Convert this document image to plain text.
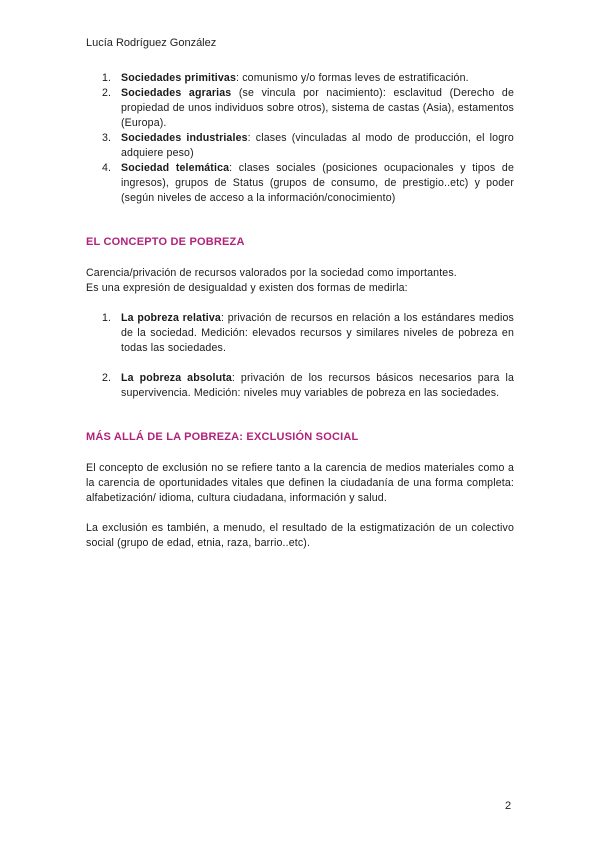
Lucía Rodríguez González
1. Sociedades primitivas: comunismo y/o formas leves de estratificación.
2. Sociedades agrarias (se vincula por nacimiento): esclavitud (Derecho de propiedad de unos individuos sobre otros), sistema de castas (Asia), estamentos (Europa).
3. Sociedades industriales: clases (vinculadas al modo de producción, el logro adquiere peso)
4. Sociedad telemática: clases sociales (posiciones ocupacionales y tipos de ingresos), grupos de Status (grupos de consumo, de prestigio..etc) y poder (según niveles de acceso a la información/conocimiento)
EL CONCEPTO DE POBREZA

Carencia/privación de recursos valorados por la sociedad como importantes.

Es una expresión de desigualdad y existen dos formas de medirla:

1. La pobreza relativa: privación de recursos en relación a los estándares medios de la sociedad. Medición: elevados recursos y similares niveles de pobreza en todas las sociedades.
2. La pobreza absoluta: privación de los recursos básicos necesarios para la supervivencia. Medición: niveles muy variables de pobreza en las sociedades.
MÁS ALLÁ DE LA POBREZA: EXCLUSIÓN SOCIAL

El concepto de exclusión no se refiere tanto a la carencia de medios materiales como a la carencia de oportunidades vitales que definen la ciudadanía de una forma completa: alfabetización/ idioma, cultura ciudadana, información y salud.

La exclusión es también, a menudo, el resultado de la estigmatización de un colectivo social (grupo de edad, etnia, raza, barrio..etc).

2
